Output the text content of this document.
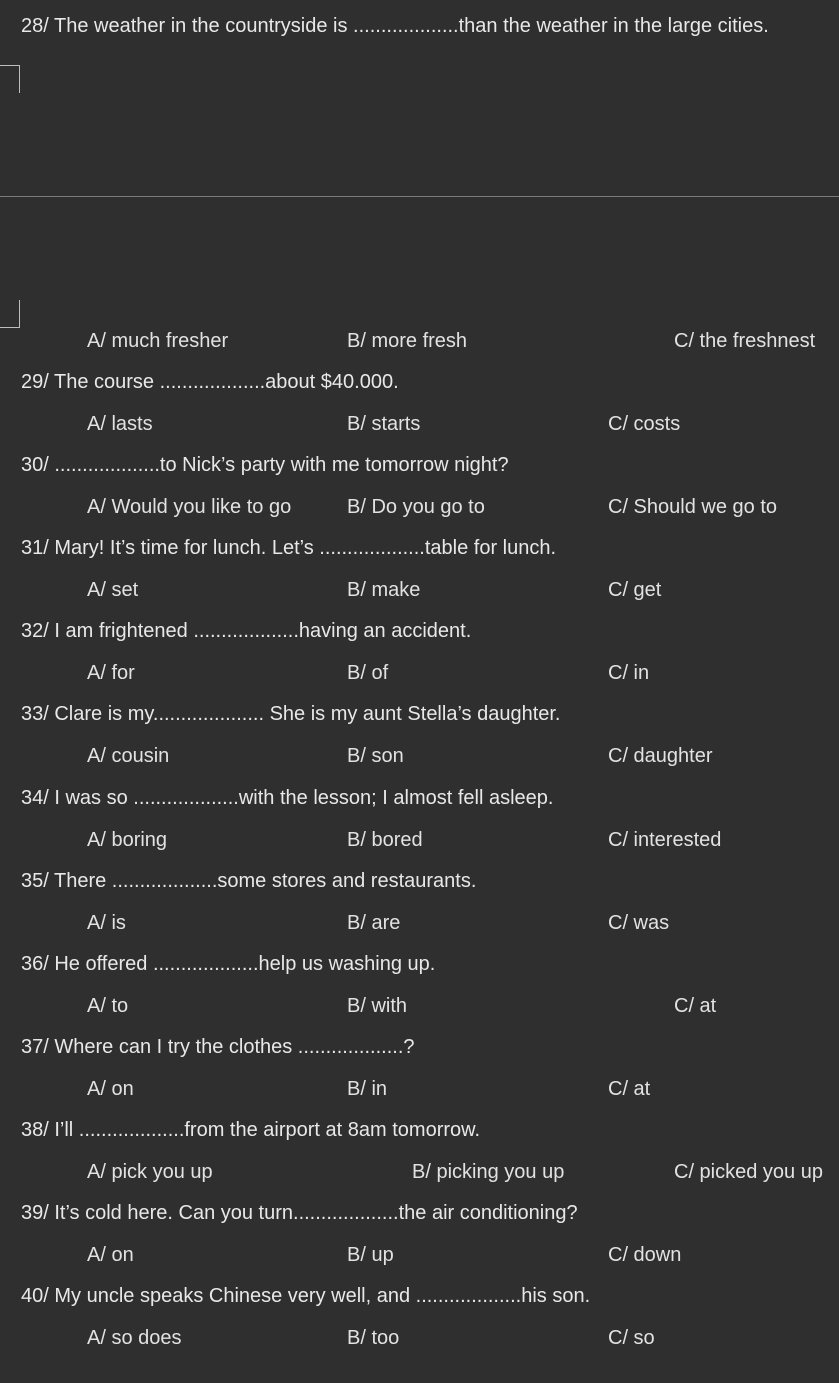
28/ The weather in the countryside is ...................than the weather in the large cities.
A/ much fresher	B/ more fresh	C/ the freshnest
29/ The course ...................about $40.000.
A/ lasts	B/ starts	C/ costs
30/ ...................to Nick’s party with me tomorrow night?
A/ Would you like to go	B/ Do you go to	C/ Should we go to
31/ Mary! It’s time for lunch. Let’s ...................table for lunch.
A/ set	B/ make	C/ get
32/ I am frightened ...................having an accident.
A/ for	B/ of	C/ in
33/ Clare is my.................... She is my aunt Stella’s daughter.
A/ cousin	B/ son	C/ daughter
34/ I was so ...................with the lesson; I almost fell asleep.
A/ boring	B/ bored	C/ interested
35/ There ...................some stores and restaurants.
A/ is	B/ are	C/ was
36/ He offered ...................help us washing up.
A/ to	B/ with	C/ at
37/ Where can I try the clothes ...................?
A/ on	B/ in	C/ at
38/ I’ll ...................from the airport at 8am tomorrow.
A/ pick you up	B/ picking you up	C/ picked you up
39/ It’s cold here. Can you turn...................the air conditioning?
A/ on	B/ up	C/ down
40/ My uncle speaks Chinese very well, and ...................his son.
A/ so does	B/ too	C/ so
